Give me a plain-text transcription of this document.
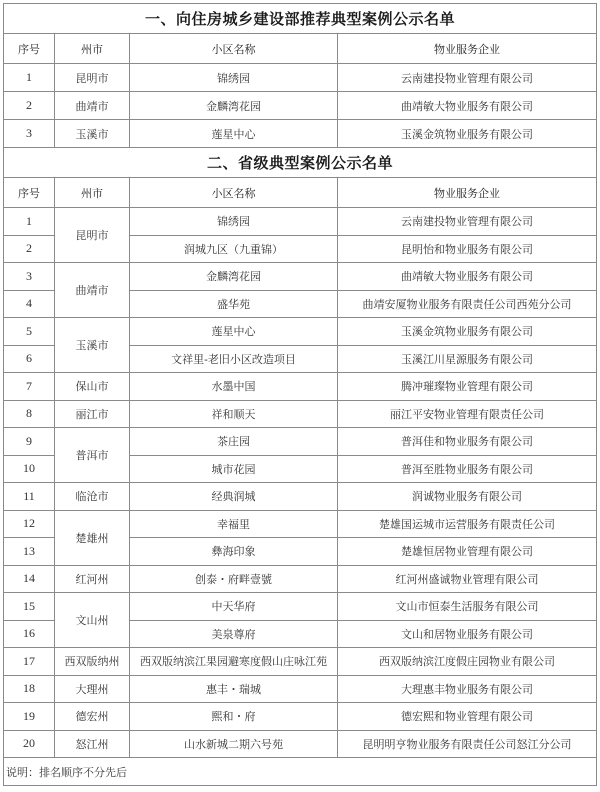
一、向住房城乡建设部推荐典型案例公示名单			
序号	州市	小区名称	物业服务企业
1	昆明市	锦绣园	云南建投物业管理有限公司
2	曲靖市	金麟湾花园	曲靖敏大物业服务有限公司
3	玉溪市	莲星中心	玉溪金筑物业服务有限公司
二、省级典型案例公示名单			
序号	州市	小区名称	物业服务企业
1	昆明市	锦绣园	云南建投物业管理有限公司
2		润城九区（九重锦）	昆明怡和物业服务有限公司
3	曲靖市	金麟湾花园	曲靖敏大物业服务有限公司
4		盛华苑	曲靖安厦物业服务有限责任公司西苑分公司
5	玉溪市	莲星中心	玉溪金筑物业服务有限公司
6		文祥里-老旧小区改造项目	玉溪江川星源服务有限公司
7	保山市	水墨中国	腾冲璀璨物业管理有限公司
8	丽江市	祥和顺天	丽江平安物业管理有限责任公司
9	普洱市	茶庄园	普洱佳和物业服务有限公司
10		城市花园	普洱至胜物业服务有限公司
11	临沧市	经典润城	润诚物业服务有限公司
12	楚雄州	幸福里	楚雄国运城市运营服务有限责任公司
13		彝海印象	楚雄恒居物业管理有限公司
14	红河州	创泰・府畔壹號	红河州盛诚物业管理有限公司
15	文山州	中天华府	文山市恒泰生活服务有限公司
16		美泉尊府	文山和居物业服务有限公司
17	西双版纳州	西双版纳滨江果园避寒度假山庄咏江苑	西双版纳滨江度假庄园物业有限公司
18	大理州	惠丰・瑞城	大理惠丰物业服务有限公司
19	德宏州	熙和・府	德宏熙和物业管理有限公司
20	怒江州	山水新城二期六号苑	昆明明亨物业服务有限责任公司怒江分公司
说明：排名顺序不分先后			
